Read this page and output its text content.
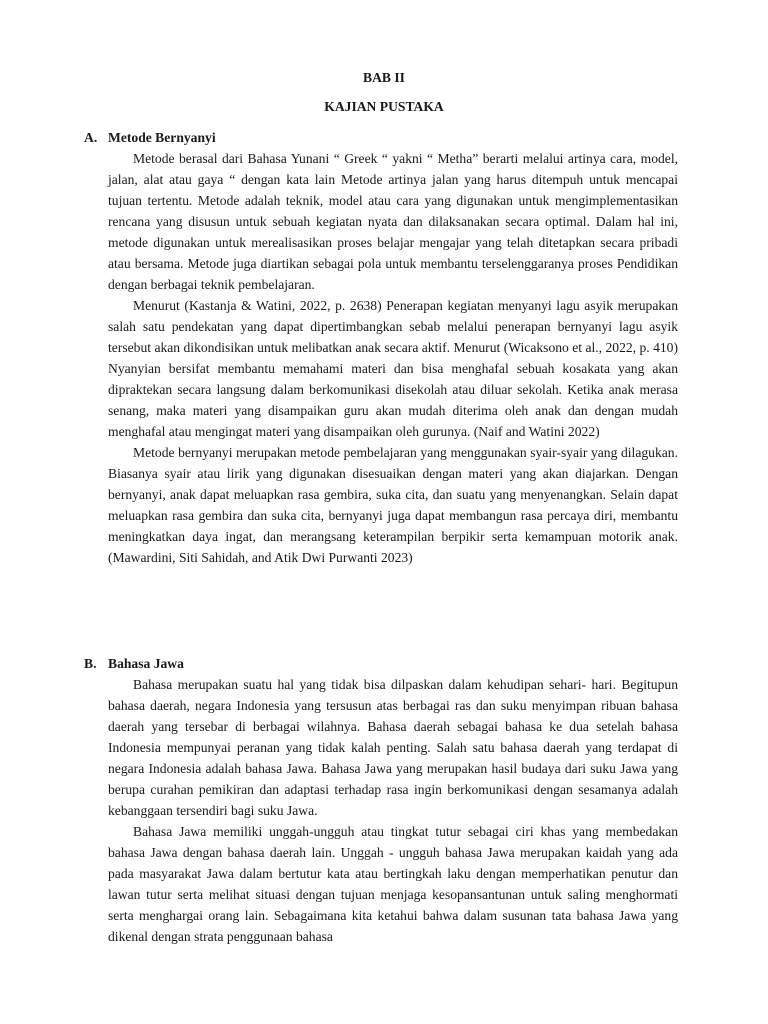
BAB II
KAJIAN PUSTAKA
A. Metode Bernyanyi

Metode berasal dari Bahasa Yunani “ Greek “ yakni “ Metha” berarti melalui artinya cara, model, jalan, alat atau gaya “ dengan kata lain Metode artinya jalan yang harus ditempuh untuk mencapai tujuan tertentu. Metode adalah teknik, model atau cara yang digunakan untuk mengimplementasikan rencana yang disusun untuk sebuah kegiatan nyata dan dilaksanakan secara optimal. Dalam hal ini, metode digunakan untuk merealisasikan proses belajar mengajar yang telah ditetapkan secara pribadi atau bersama. Metode juga diartikan sebagai pola untuk membantu terselenggaranya proses Pendidikan dengan berbagai teknik pembelajaran.

Menurut (Kastanja & Watini, 2022, p. 2638) Penerapan kegiatan menyanyi lagu asyik merupakan salah satu pendekatan yang dapat dipertimbangkan sebab melalui penerapan bernyanyi lagu asyik tersebut akan dikondisikan untuk melibatkan anak secara aktif. Menurut (Wicaksono et al., 2022, p. 410) Nyanyian bersifat membantu memahami materi dan bisa menghafal sebuah kosakata yang akan dipraktekan secara langsung dalam berkomunikasi disekolah atau diluar sekolah. Ketika anak merasa senang, maka materi yang disampaikan guru akan mudah diterima oleh anak dan dengan mudah menghafal atau mengingat materi yang disampaikan oleh gurunya. (Naif and Watini 2022)

Metode bernyanyi merupakan metode pembelajaran yang menggunakan syair-syair yang dilagukan. Biasanya syair atau lirik yang digunakan disesuaikan dengan materi yang akan diajarkan. Dengan bernyanyi, anak dapat meluapkan rasa gembira, suka cita, dan suatu yang menyenangkan. Selain dapat meluapkan rasa gembira dan suka cita, bernyanyi juga dapat membangun rasa percaya diri, membantu meningkatkan daya ingat, dan merangsang keterampilan berpikir serta kemampuan motorik anak. (Mawardini, Siti Sahidah, and Atik Dwi Purwanti 2023)

B. Bahasa Jawa

Bahasa merupakan suatu hal yang tidak bisa dilpaskan dalam kehudipan sehari- hari. Begitupun bahasa daerah, negara Indonesia yang tersusun atas berbagai ras dan suku menyimpan ribuan bahasa daerah yang tersebar di berbagai wilahnya. Bahasa daerah sebagai bahasa ke dua setelah bahasa Indonesia mempunyai peranan yang tidak kalah penting. Salah satu bahasa daerah yang terdapat di negara Indonesia adalah bahasa Jawa. Bahasa Jawa yang merupakan hasil budaya dari suku Jawa yang berupa curahan pemikiran dan adaptasi terhadap rasa ingin berkomunikasi dengan sesamanya adalah kebanggaan tersendiri bagi suku Jawa.

Bahasa Jawa memiliki unggah-ungguh atau tingkat tutur sebagai ciri khas yang membedakan bahasa Jawa dengan bahasa daerah lain. Unggah - ungguh bahasa Jawa merupakan kaidah yang ada pada masyarakat Jawa dalam bertutur kata atau bertingkah laku dengan memperhatikan penutur dan lawan tutur serta melihat situasi dengan tujuan menjaga kesopansantunan untuk saling menghormati serta menghargai orang lain. Sebagaimana kita ketahui bahwa dalam susunan tata bahasa Jawa yang dikenal dengan strata penggunaan bahasa
